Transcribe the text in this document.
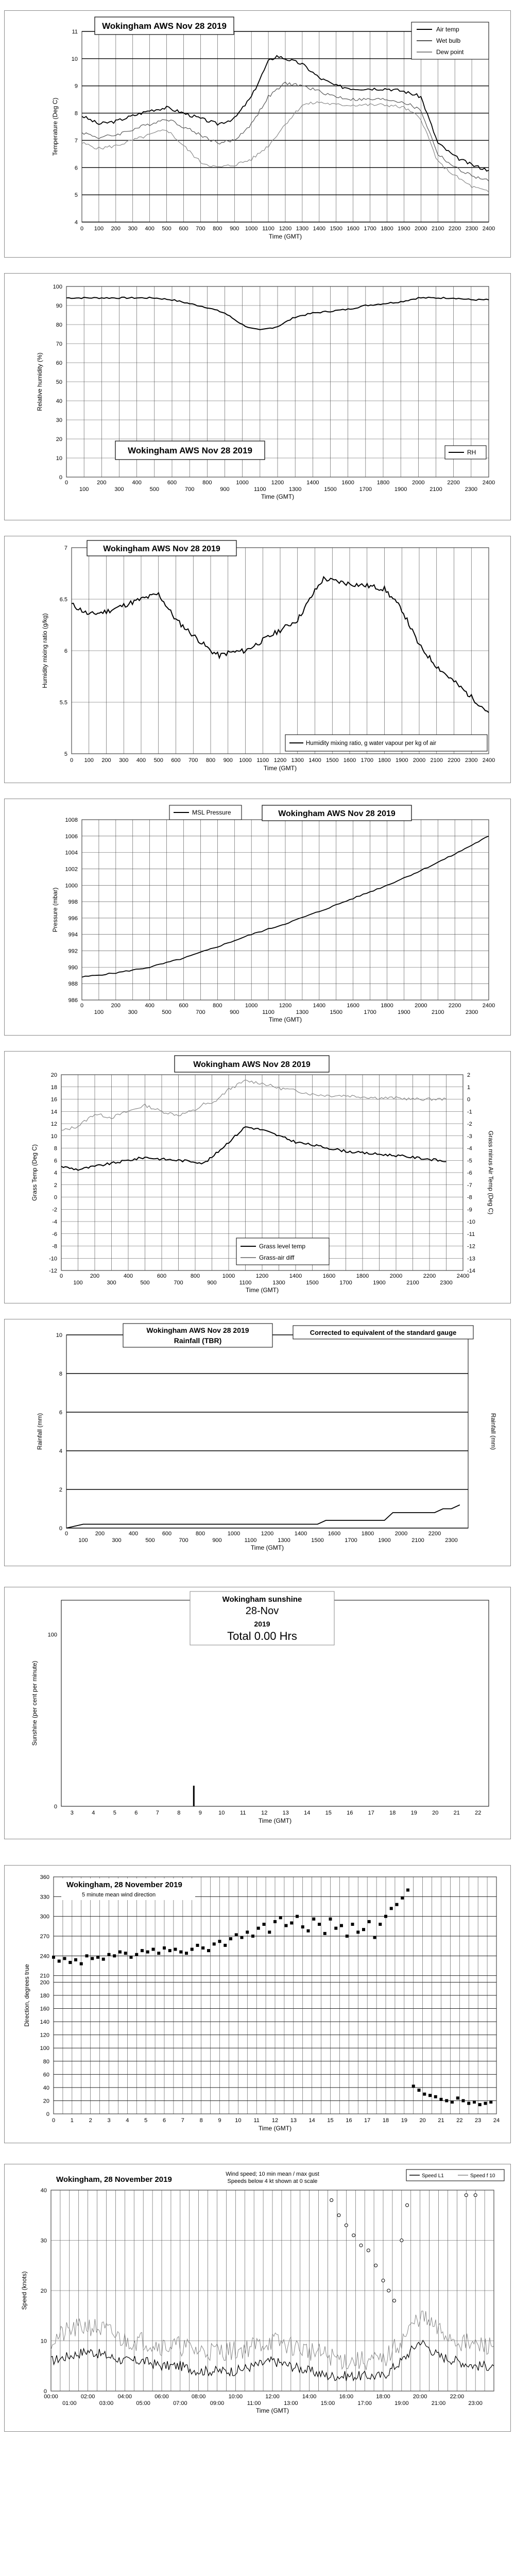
4
5
6
7
8
9
10
11
0 100 200 300 400 500 600 700 800 900 1000 1100 1200 1300 1400 1500 1600 1700 1800 1900 2000 2100 2200 2300 2400
Time (GMT)
Temperature (Deg C)
Wokingham AWS Nov 28 2019	Air temp
Wet bulb
Dew point
0
10
20
30
40
50
60
70
80
90
100
0	200	400	600	800	1000	1200	1400	1600	1800	2000	2200	2400
100	300	500	700	900	1100	1300	1500	1700	1900	2100	2300
Time (GMT)
Relative humidity (%)
Wokingham AWS Nov 28 2019	RH
5
5.5
6
6.5
7
0 100 200 300 400 500 600 700 800 900 1000 1100 1200 1300 1400 1500 1600 1700 1800 1900 2000 2100 2200 2300 2400
Time (GMT)
Humidity mixing ratio (g/kg)
Wokingham AWS Nov 28 2019
Humidity mixing ratio, g water vapour per kg of air
986
988
990
992
994
996
998
1000
1002
1004
1006
1008
0	200	400	600	800	1000	1200	1400	1600	1800	2000	2200	2400
100	300	500	700	900	1100	1300	1500	1700	1900	2100	2300
Time (GMT)
Pressure (mbar)
MSL Pressure	Wokingham AWS Nov 28 2019
-12
-10
-8
-6
-4
-2
0
2
4
6
8
10
12
14
16
18
20
0	200	400	600	800	1000	1200	1400	1600	1800	2000	2200	2400
100	300	500	700	900	1100	1300	1500	1700	1900	2100	2300
Time (GMT)
Grass Temp (Deg C)
-14
-13
-12
-11
-10
-9
-8
-7
-6
-5
-4
-3
-2
-1
0
1
2
Grass minus Air Temp (Deg C)
Wokingham AWS Nov 28 2019
Grass level temp
Grass-air diff
0
2
4
6
8
10
0	200	400	600	800	1000	1200	1400	1600	1800	2000	2200
100	300	500	700	900	1100	1300	1500	1700	1900	2100	2300
Time (GMT)
Rainfall (mm)	Rainfall (mm)
Wokingham AWS Nov 28 2019
Rainfall (TBR)
Corrected to equivalent of the standard gauge
0
100
3	4	5	6	7	8	9	10	11	12	13	14	15	16	17	18	19	20	21	22
Time (GMT)
Sunshine (per cent per minute)
Wokingham sunshine
28-Nov
2019
Total 0.00 Hrs
0
20
40
60
80
100
120
140
160
180
200
210
240
270
300
330
360
0	1	2	3	4	5	6	7	8	9 10 11 12 13 14 15 16 17 18 19 20 21 22 23 24
Time (GMT)
Direction, degrees true
Wokingham, 28 November 2019
5 minute mean wind direction
0
10
20
30
40
00:00	02:00	04:00	06:00	08:00	10:00	12:00	14:00	16:00	18:00	20:00	22:00
01:00	03:00	05:00	07:00	09:00	11:00	13:00	15:00	17:00	19:00	21:00	23:00
Time (GMT)
Speed (knots)
Wokingham, 28 November 2019
Wind speed; 10 min mean / max gust
Speeds below 4 kt shown at 0 scale
Speed L1	Speed f 10
